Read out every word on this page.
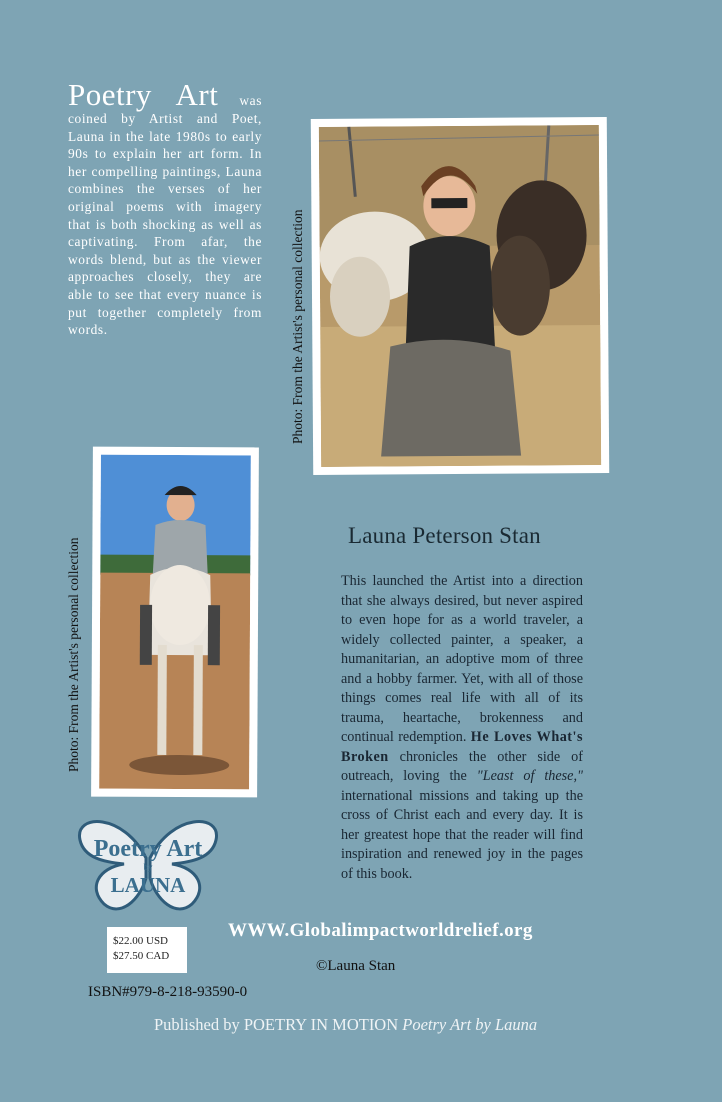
Poetry Art was coined by Artist and Poet, Launa in the late 1980s to early 90s to explain her art form. In her compelling paintings, Launa combines the verses of her original poems with imagery that is both shocking as well as captivating. From afar, the words blend, but as the viewer approaches closely, they are able to see that every nuance is put together completely from words.	Photo: From the Artist's personal collection
Photo: From the Artist's personal collection
Launa Peterson Stan
This launched the Artist into a direction that she always desired, but never aspired to even hope for as a world traveler, a widely collected painter, a speaker, a humanitarian, an adoptive mom of three and a hobby farmer. Yet, with all of those things comes real life with all of its trauma, heartache, brokenness and continual redemption. He Loves What's Broken chronicles the other side of outreach, loving the "Least of these," international missions and taking up the cross of Christ each and every day. It is her greatest hope that the reader will find inspiration and renewed joy in the pages of this book.
Poetry Art
by
LAUNA
$22.00 USD
$27.50 CAD
WWW.Globalimpactworldrelief.org
©Launa Stan
ISBN#979-8-218-93590-0
Published by POETRY IN MOTION Poetry Art by Launa
